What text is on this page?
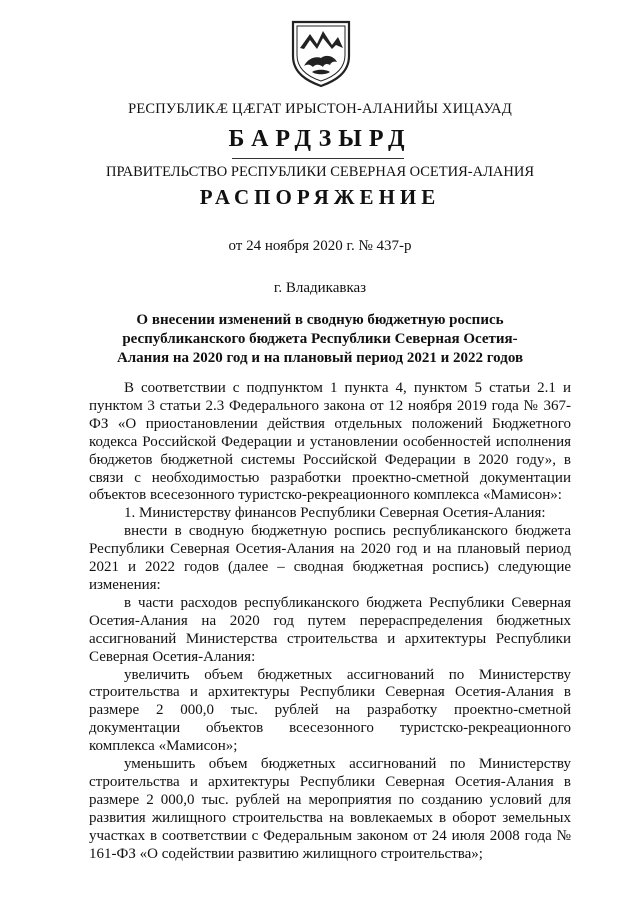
РЕСПУБЛИКӔ ЦӔГАТ ИРЫСТОН-АЛАНИЙЫ ХИЦАУАД
БАРДЗЫРД
ПРАВИТЕЛЬСТВО РЕСПУБЛИКИ СЕВЕРНАЯ ОСЕТИЯ-АЛАНИЯ
РАСПОРЯЖЕНИЕ
от 24 ноября 2020 г. № 437-р
г. Владикавказ
О внесении изменений в сводную бюджетную роспись республиканского бюджета Республики Северная Осетия-Алания на 2020 год и на плановый период 2021 и 2022 годов

В соответствии с подпунктом 1 пункта 4, пунктом 5 статьи 2.1 и пунктом 3 статьи 2.3 Федерального закона от 12 ноября 2019 года № 367-ФЗ «О приостановлении действия отдельных положений Бюджетного кодекса Российской Федерации и установлении особенностей исполнения бюджетов бюджетной системы Российской Федерации в 2020 году», в связи с необходимостью разработки проектно-сметной документации объектов всесезонного туристско-рекреационного комплекса «Мамисон»:

1. Министерству финансов Республики Северная Осетия-Алания:

внести в сводную бюджетную роспись республиканского бюджета Республики Северная Осетия-Алания на 2020 год и на плановый период 2021 и 2022 годов (далее – сводная бюджетная роспись) следующие изменения:

в части расходов республиканского бюджета Республики Северная Осетия-Алания на 2020 год путем перераспределения бюджетных ассигнований Министерства строительства и архитектуры Республики Северная Осетия-Алания:

увеличить объем бюджетных ассигнований по Министерству строительства и архитектуры Республики Северная Осетия-Алания в размере 2 000,0 тыс. рублей на разработку проектно-сметной документации объектов всесезонного туристско-рекреационного комплекса «Мамисон»;

уменьшить объем бюджетных ассигнований по Министерству строительства и архитектуры Республики Северная Осетия-Алания в размере 2 000,0 тыс. рублей на мероприятия по созданию условий для развития жилищного строительства на вовлекаемых в оборот земельных участках в соответствии с Федеральным законом от 24 июля 2008 года № 161-ФЗ «О содействии развитию жилищного строительства»;
